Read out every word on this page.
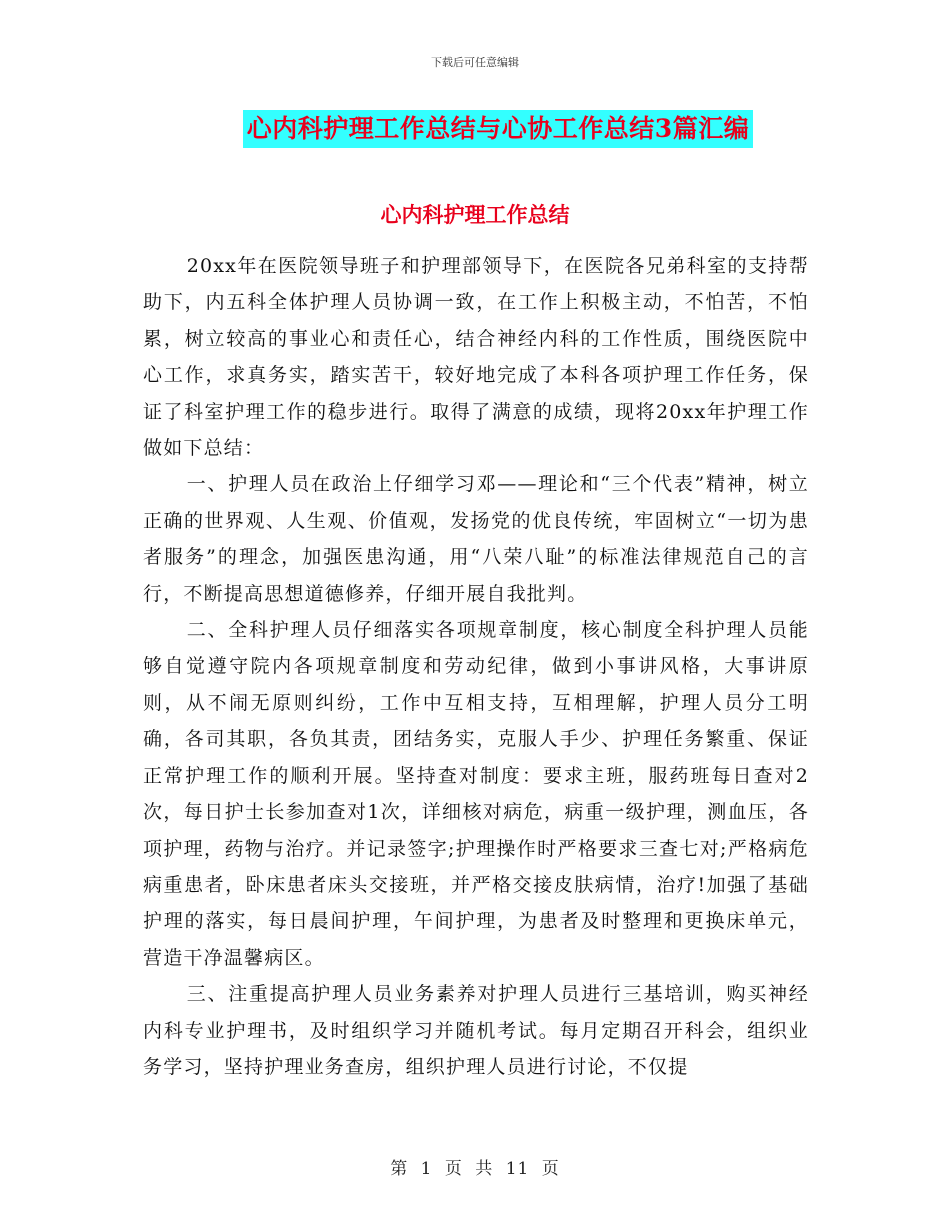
下载后可任意编辑
心内科护理工作总结与心协工作总结3篇汇编
心内科护理工作总结

20xx年在医院领导班子和护理部领导下，在医院各兄弟科室的支持帮助下，内五科全体护理人员协调一致，在工作上积极主动，不怕苦，不怕累，树立较高的事业心和责任心，结合神经内科的工作性质，围绕医院中心工作，求真务实，踏实苦干，较好地完成了本科各项护理工作任务，保证了科室护理工作的稳步进行。取得了满意的成绩，现将20xx年护理工作做如下总结：

一、护理人员在政治上仔细学习邓——理论和“三个代表”精神，树立正确的世界观、人生观、价值观，发扬党的优良传统，牢固树立“一切为患者服务”的理念，加强医患沟通，用“八荣八耻”的标准法律规范自己的言行，不断提高思想道德修养，仔细开展自我批判。

二、全科护理人员仔细落实各项规章制度，核心制度全科护理人员能够自觉遵守院内各项规章制度和劳动纪律，做到小事讲风格，大事讲原则，从不闹无原则纠纷，工作中互相支持，互相理解，护理人员分工明确，各司其职，各负其责，团结务实，克服人手少、护理任务繁重、保证正常护理工作的顺利开展。坚持查对制度：要求主班，服药班每日查对2次，每日护士长参加查对1次，详细核对病危，病重一级护理，测血压，各项护理，药物与治疗。并记录签字;护理操作时严格要求三查七对;严格病危病重患者，卧床患者床头交接班，并严格交接皮肤病情，治疗!加强了基础护理的落实，每日晨间护理，午间护理，为患者及时整理和更换床单元，营造干净温馨病区。

三、注重提高护理人员业务素养对护理人员进行三基培训，购买神经内科专业护理书，及时组织学习并随机考试。每月定期召开科会，组织业务学习，坚持护理业务查房，组织护理人员进行讨论，不仅提

第 1 页 共 11 页
